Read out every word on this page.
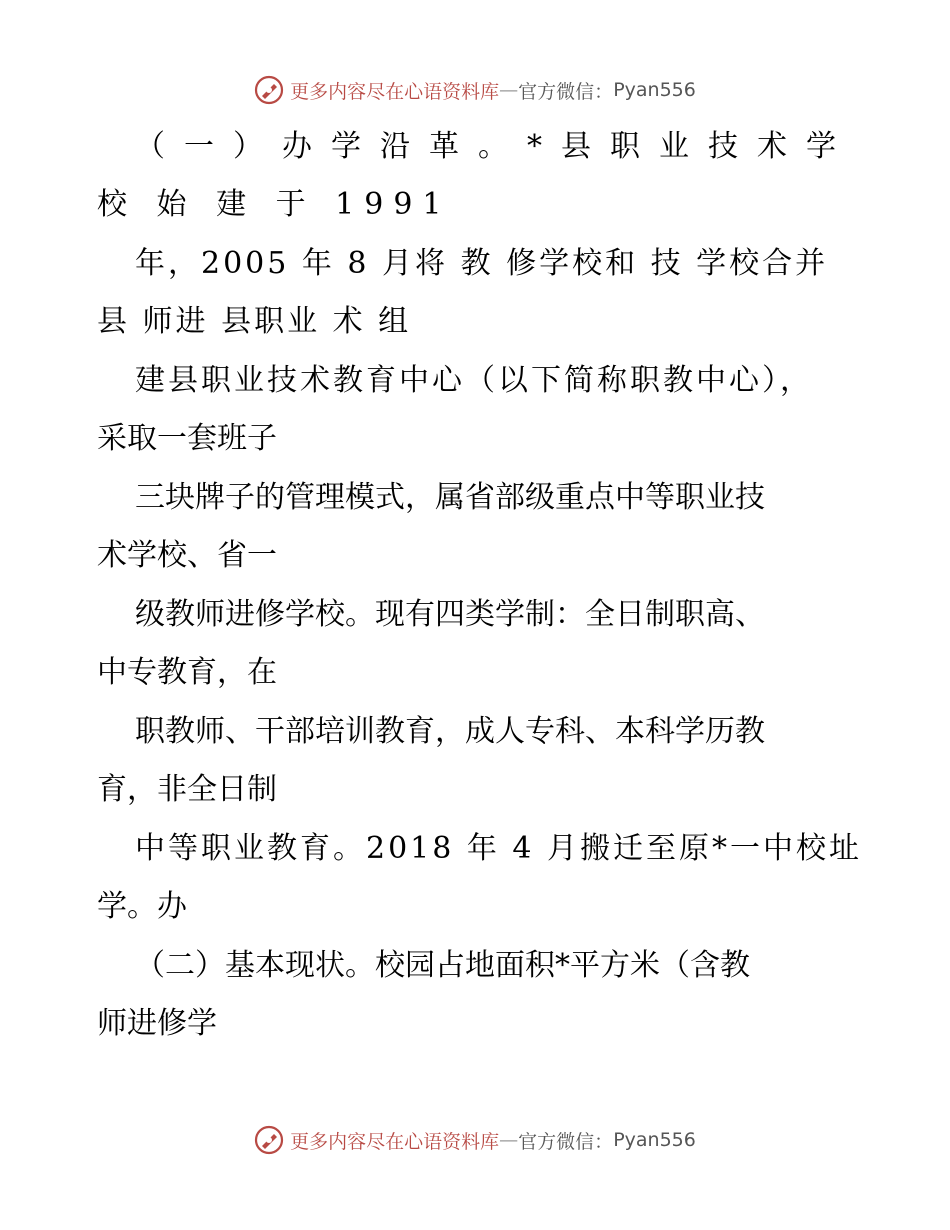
更多内容尽在心语资料库 — 官方微信： Pyan556
（一）办学沿革。*县职业技术学
校 始 建 于 1991
年，2005 年 8 月将 教 修学校和 技 学校合并
县 师进 县职业 术 组
建县职业技术教育中心（以下简称职教中心），
采取一套班子
三块牌子的管理模式，属省部级重点中等职业技
术学校、省一
级教师进修学校。现有四类学制：全日制职高、
中专教育，在
职教师、干部培训教育，成人专科、本科学历教
育，非全日制
中等职业教育。2018 年 4 月搬迁至原*一中校址
学。办
（二）基本现状。校园占地面积*平方米（含教
师进修学
更多内容尽在心语资料库 — 官方微信： Pyan556
